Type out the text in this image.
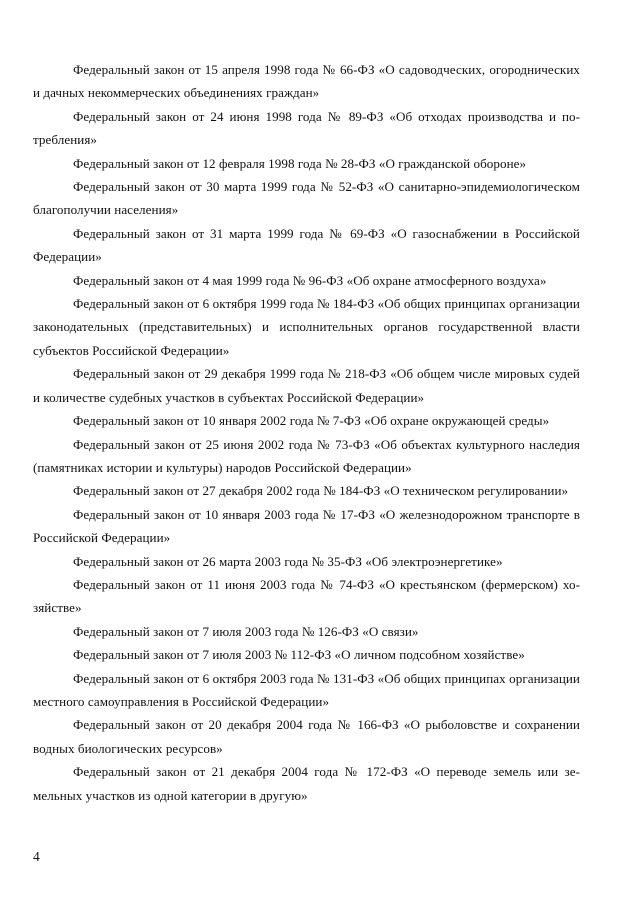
Федеральный закон от 15 апреля 1998 года № 66-ФЗ «О садоводческих, огороднических и дачных некоммерческих объединениях граждан»

Федеральный закон от 24 июня 1998 года № 89-ФЗ «Об отходах производства и потребления»

Федеральный закон от 12 февраля 1998 года № 28-ФЗ «О гражданской обороне»

Федеральный закон от 30 марта 1999 года № 52-ФЗ «О санитарно-эпидемиологическом благополучии населения»

Федеральный закон от 31 марта 1999 года № 69-ФЗ «О газоснабжении в Российской Федерации»

Федеральный закон от 4 мая 1999 года № 96-ФЗ «Об охране атмосферного воздуха»

Федеральный закон от 6 октября 1999 года № 184-ФЗ «Об общих принципах организации законодательных (представительных) и исполнительных органов государственной власти субъектов Российской Федерации»

Федеральный закон от 29 декабря 1999 года № 218-ФЗ «Об общем числе мировых судей и количестве судебных участков в субъектах Российской Федерации»

Федеральный закон от 10 января 2002 года № 7-ФЗ «Об охране окружающей среды»

Федеральный закон от 25 июня 2002 года № 73-ФЗ «Об объектах культурного наследия (памятниках истории и культуры) народов Российской Федерации»

Федеральный закон от 27 декабря 2002 года № 184-ФЗ «О техническом регулировании»

Федеральный закон от 10 января 2003 года № 17-ФЗ «О железнодорожном транспорте в Российской Федерации»

Федеральный закон от 26 марта 2003 года № 35-ФЗ «Об электроэнергетике»

Федеральный закон от 11 июня 2003 года № 74-ФЗ «О крестьянском (фермерском) хозяйстве»

Федеральный закон от 7 июля 2003 года № 126-ФЗ «О связи»

Федеральный закон от 7 июля 2003 № 112-ФЗ «О личном подсобном хозяйстве»

Федеральный закон от 6 октября 2003 года № 131-ФЗ «Об общих принципах организации местного самоуправления в Российской Федерации»

Федеральный закон от 20 декабря 2004 года № 166-ФЗ «О рыболовстве и сохранении водных биологических ресурсов»

Федеральный закон от 21 декабря 2004 года № 172-ФЗ «О переводе земель или земельных участков из одной категории в другую»

4
